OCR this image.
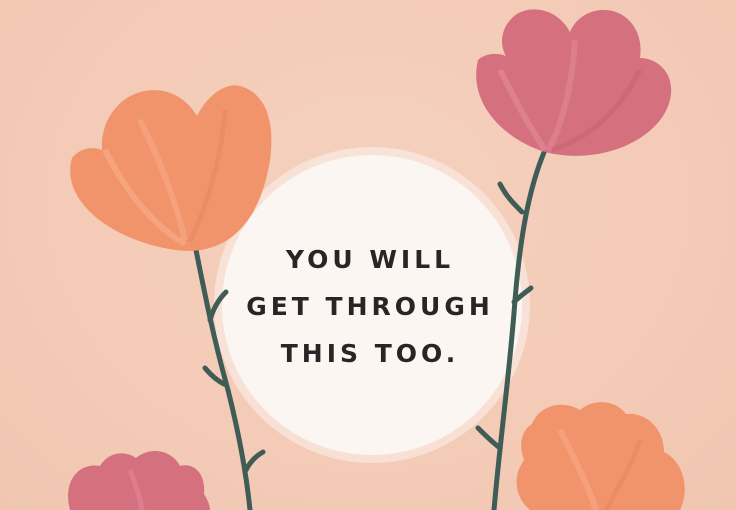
YOU WILL
GET THROUGH
THIS TOO.
